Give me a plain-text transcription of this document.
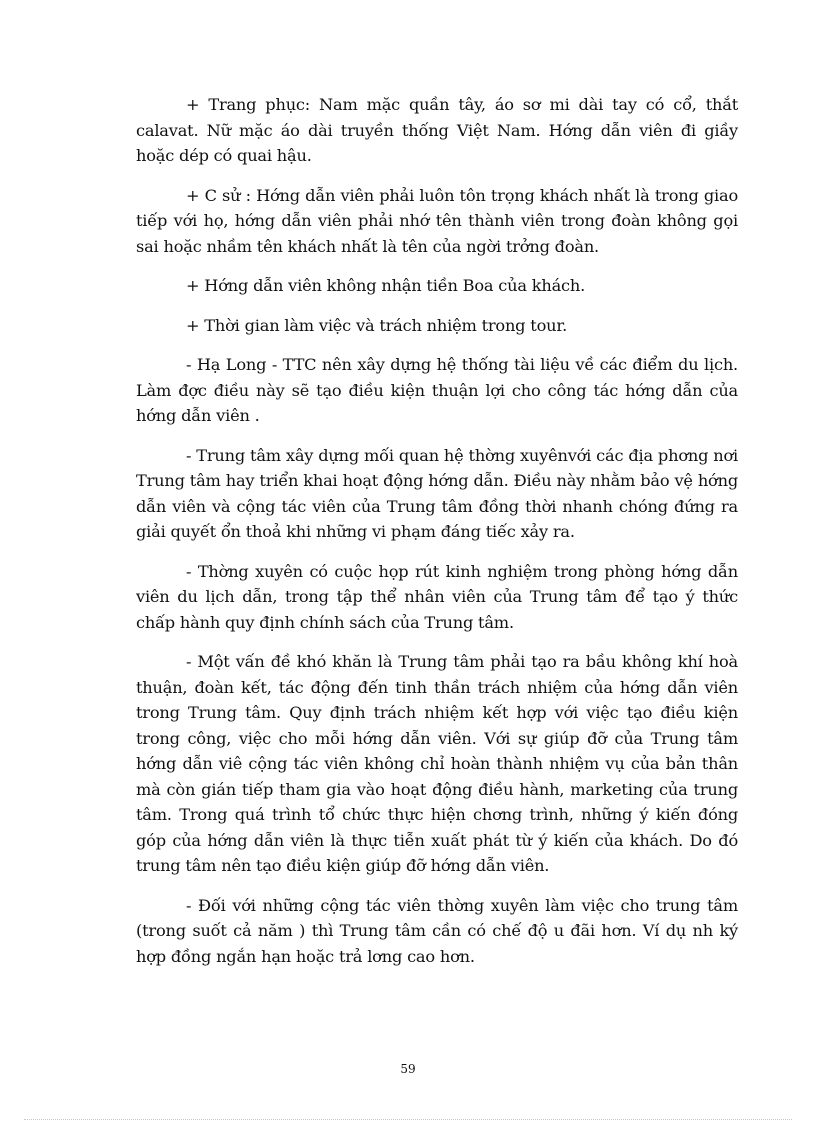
+ Trang phục: Nam mặc quần tây, áo sơ mi dài tay có cổ, thắt calavat. Nữ mặc áo dài truyền thống Việt Nam. Hớng dẫn viên đi giầy hoặc dép có quai hậu.

+ C sử : Hớng dẫn viên phải luôn tôn trọng khách nhất là trong giao tiếp với họ, hớng dẫn viên phải nhớ tên thành viên trong đoàn không gọi sai hoặc nhầm tên khách nhất là tên của ngời trởng đoàn.

+ Hớng dẫn viên không nhận tiền Boa của khách.

+ Thời gian làm việc và trách nhiệm trong tour.

- Hạ Long - TTC nên xây dựng hệ thống tài liệu về các điểm du lịch. Làm đợc điều này sẽ tạo điều kiện thuận lợi cho công tác hớng dẫn của hớng dẫn viên .

- Trung tâm xây dựng mối quan hệ thờng xuyênvới các địa phơng nơi Trung tâm hay triển khai hoạt động hớng dẫn. Điều này nhằm bảo vệ hớng dẫn viên và cộng tác viên của Trung tâm đồng thời nhanh chóng đứng ra giải quyết ổn thoả khi những vi phạm đáng tiếc xảy ra.

- Thờng xuyên có cuộc họp rút kinh nghiệm trong phòng hớng dẫn viên du lịch dẫn, trong tập thể nhân viên của Trung tâm để tạo ý thức chấp hành quy định chính sách của Trung tâm.

- Một vấn đề khó khăn là Trung tâm phải tạo ra bầu không khí hoà thuận, đoàn kết, tác động đến tinh thần trách nhiệm của hớng dẫn viên trong Trung tâm. Quy định trách nhiệm kết hợp với việc tạo điều kiện trong công, việc cho mỗi hớng dẫn viên. Với sự giúp đỡ của Trung tâm hớng dẫn viê cộng tác viên không chỉ hoàn thành nhiệm vụ của bản thân mà còn gián tiếp tham gia vào hoạt động điều hành, marketing của trung tâm. Trong quá trình tổ chức thực hiện chơng trình, những ý kiến đóng góp của hớng dẫn viên là thực tiễn xuất phát từ ý kiến của khách. Do đó trung tâm nên tạo điều kiện giúp đỡ hớng dẫn viên.

- Đối với những cộng tác viên thờng xuyên làm việc cho trung tâm (trong suốt cả năm ) thì Trung tâm cần có chế độ u đãi hơn. Ví dụ nh ký hợp đồng ngắn hạn hoặc trả lơng cao hơn.

59
